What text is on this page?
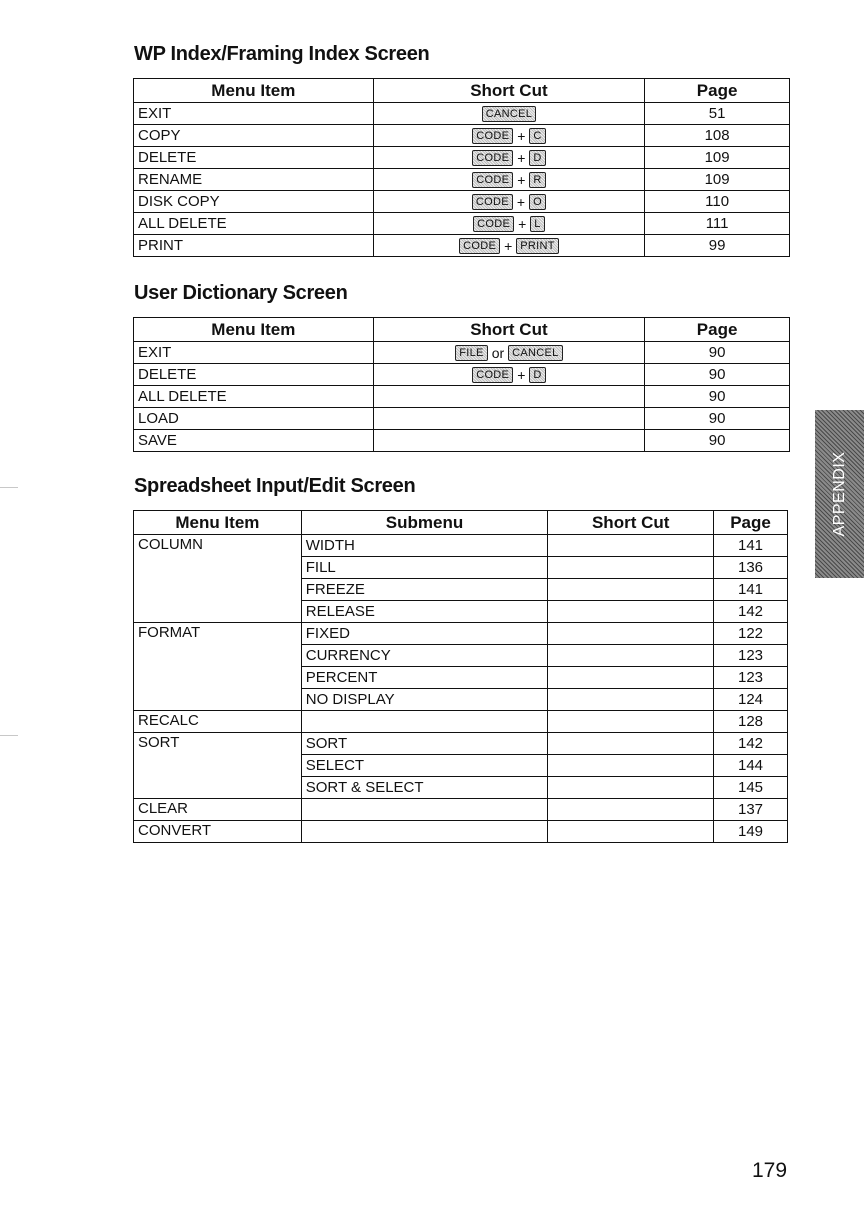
WP Index/Framing Index Screen
Menu Item	Short Cut	Page
EXIT	CANCEL	51
COPY	CODE + C	108
DELETE	CODE + D	109
RENAME	CODE + R	109
DISK COPY	CODE + O	110
ALL DELETE	CODE + L	111
PRINT	CODE + PRINT	99
User Dictionary Screen
Menu Item	Short Cut	Page
EXIT	FILE or CANCEL	90
DELETE	CODE + D	90
ALL DELETE		90
LOAD		90
SAVE		90
Spreadsheet Input/Edit Screen
Menu Item	Submenu	Short Cut	Page
COLUMN	WIDTH		141
	FILL		136
	FREEZE		141
	RELEASE		142
FORMAT	FIXED		122
	CURRENCY		123
	PERCENT		123
	NO DISPLAY		124
RECALC			128
SORT	SORT		142
	SELECT		144
	SORT & SELECT		145
CLEAR			137
CONVERT			149
APPENDIX
179
